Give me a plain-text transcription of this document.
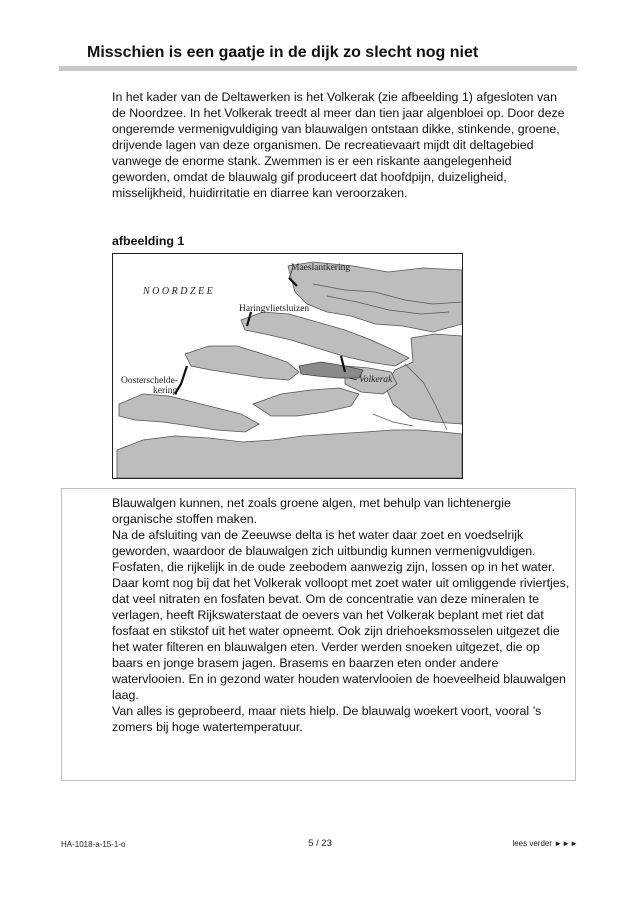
Misschien is een gaatje in de dijk zo slecht nog niet

In het kader van de Deltawerken is het Volkerak (zie afbeelding 1) afgesloten van de Noordzee. In het Volkerak treedt al meer dan tien jaar algenbloei op. Door deze ongeremde vermenigvuldiging van blauwalgen ontstaan dikke, stinkende, groene, drijvende lagen van deze organismen. De recreatievaart mijdt dit deltagebied vanwege de enorme stank. Zwemmen is er een riskante aangelegenheid geworden, omdat de blauwalg gif produceert dat hoofdpijn, duizeligheid, misselijkheid, huidirritatie en diarree kan veroorzaken.

afbeelding 1

Maeslantkering
N O O R D Z E E
Haringvlietsluizen
Oosterschelde-
kering
Volkerak

Blauwalgen kunnen, net zoals groene algen, met behulp van lichtenergie organische stoffen maken.

Na de afsluiting van de Zeeuwse delta is het water daar zoet en voedselrijk geworden, waardoor de blauwalgen zich uitbundig kunnen vermenigvuldigen.

Fosfaten, die rijkelijk in de oude zeebodem aanwezig zijn, lossen op in het water. Daar komt nog bij dat het Volkerak volloopt met zoet water uit omliggende riviertjes, dat veel nitraten en fosfaten bevat. Om de concentratie van deze mineralen te verlagen, heeft Rijkswaterstaat de oevers van het Volkerak beplant met riet dat fosfaat en stikstof uit het water opneemt. Ook zijn driehoeksmosselen uitgezet die het water filteren en blauwalgen eten. Verder werden snoeken uitgezet, die op baars en jonge brasem jagen. Brasems en baarzen eten onder andere watervlooien. En in gezond water houden watervlooien de hoeveelheid blauwalgen laag.

Van alles is geprobeerd, maar niets hielp. De blauwalg woekert voort, vooral ’s zomers bij hoge watertemperatuur.

HA-1018-a-15-1-o	5 / 23	lees verder ►►►
